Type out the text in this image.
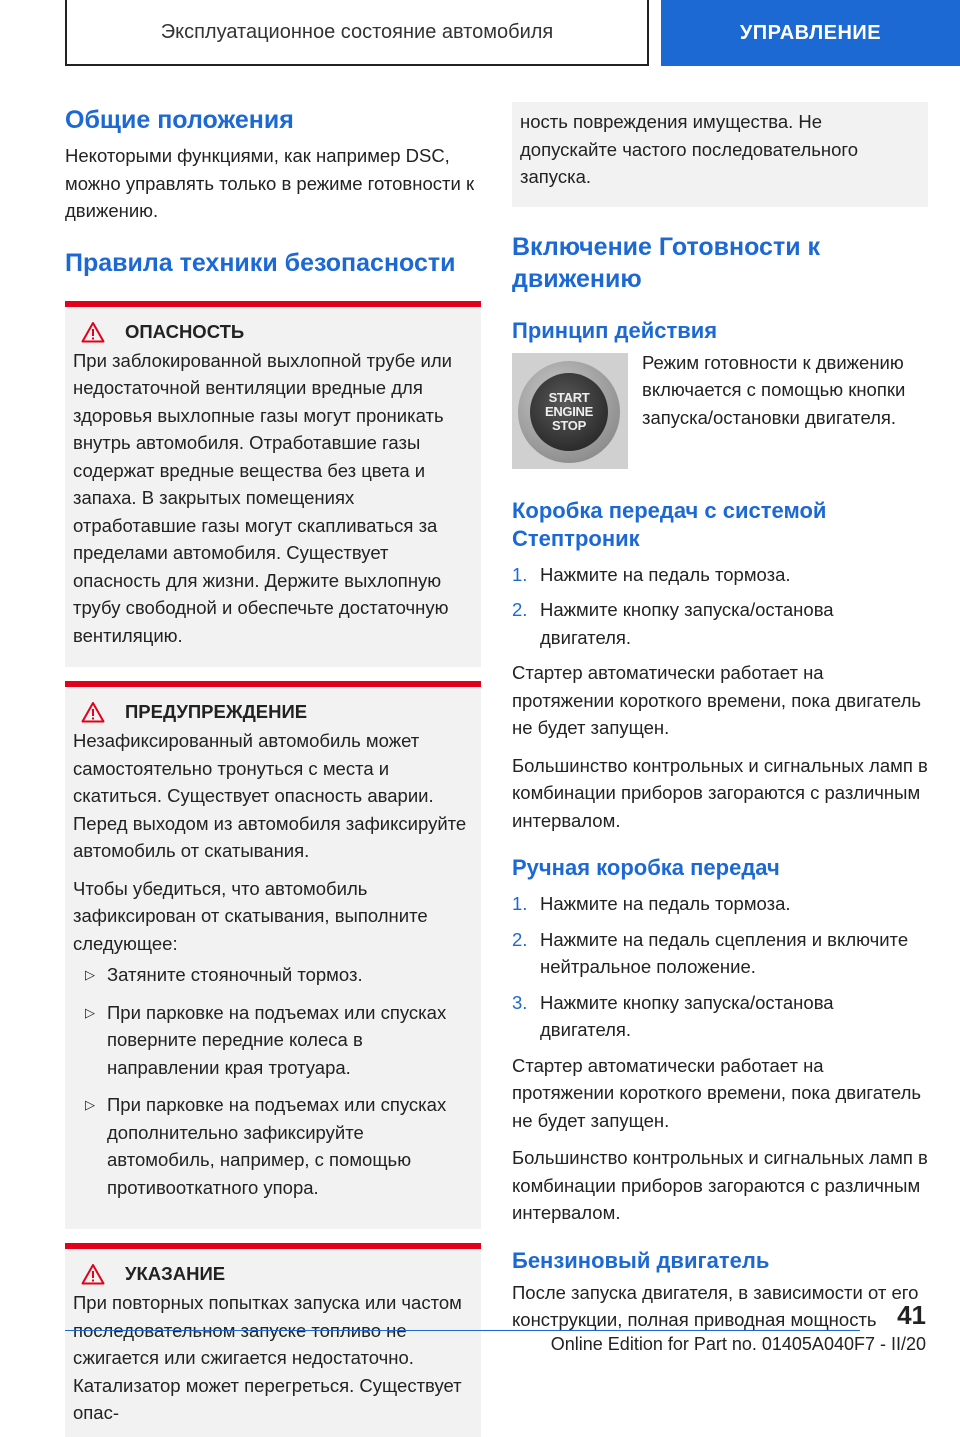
Эксплуатационное состояние автомобиля	УПРАВЛЕНИЕ
Общие положения

Некоторыми функциями, как например DSC, можно управлять только в режиме готовности к движению.

Правила техники безопасности
ОПАСНОСТЬ

При заблокированной выхлопной трубе или недостаточной вентиляции вредные для здоровья выхлопные газы могут проникать внутрь автомобиля. Отработавшие газы содержат вредные вещества без цвета и запаха. В закрытых помещениях отработавшие газы могут скапливаться за пределами автомобиля. Существует опасность для жизни. Держите выхлопную трубу свободной и обеспечьте достаточную вентиляцию.

ПРЕДУПРЕЖДЕНИЕ

Незафиксированный автомобиль может самостоятельно тронуться с места и скатиться. Существует опасность аварии. Перед выходом из автомобиля зафиксируйте автомобиль от скатывания.

Чтобы убедиться, что автомобиль зафиксирован от скатывания, выполните следующее:

▷ Затяните стояночный тормоз.
▷ При парковке на подъемах или спусках поверните передние колеса в направлении края тротуара.
▷ При парковке на подъемах или спусках дополнительно зафиксируйте автомобиль, например, с помощью противооткатного упора.
УКАЗАНИЕ

При повторных попытках запуска или частом последовательном запуске топливо не сжигается или сжигается недостаточно. Катализатор может перегреться. Существует опас-

ность повреждения имущества. Не допускайте частого последовательного запуска.

Включение Готовности к движению
Принцип действия
START
ENGINE
STOP

Режим готовности к движению включается с помощью кнопки запуска/остановки двигателя.

Коробка передач с системой Стептроник
1. Нажмите на педаль тормоза.
2. Нажмите кнопку запуска/останова двигателя.

Стартер автоматически работает на протяжении короткого времени, пока двигатель не будет запущен.

Большинство контрольных и сигнальных ламп в комбинации приборов загораются с различным интервалом.

Ручная коробка передач
1. Нажмите на педаль тормоза.
2. Нажмите на педаль сцепления и включите нейтральное положение.
3. Нажмите кнопку запуска/останова двигателя.

Стартер автоматически работает на протяжении короткого времени, пока двигатель не будет запущен.

Большинство контрольных и сигнальных ламп в комбинации приборов загораются с различным интервалом.

Бензиновый двигатель

После запуска двигателя, в зависимости от его конструкции, полная приводная мощность 41
Online Edition for Part no. 01405A040F7 - II/20
